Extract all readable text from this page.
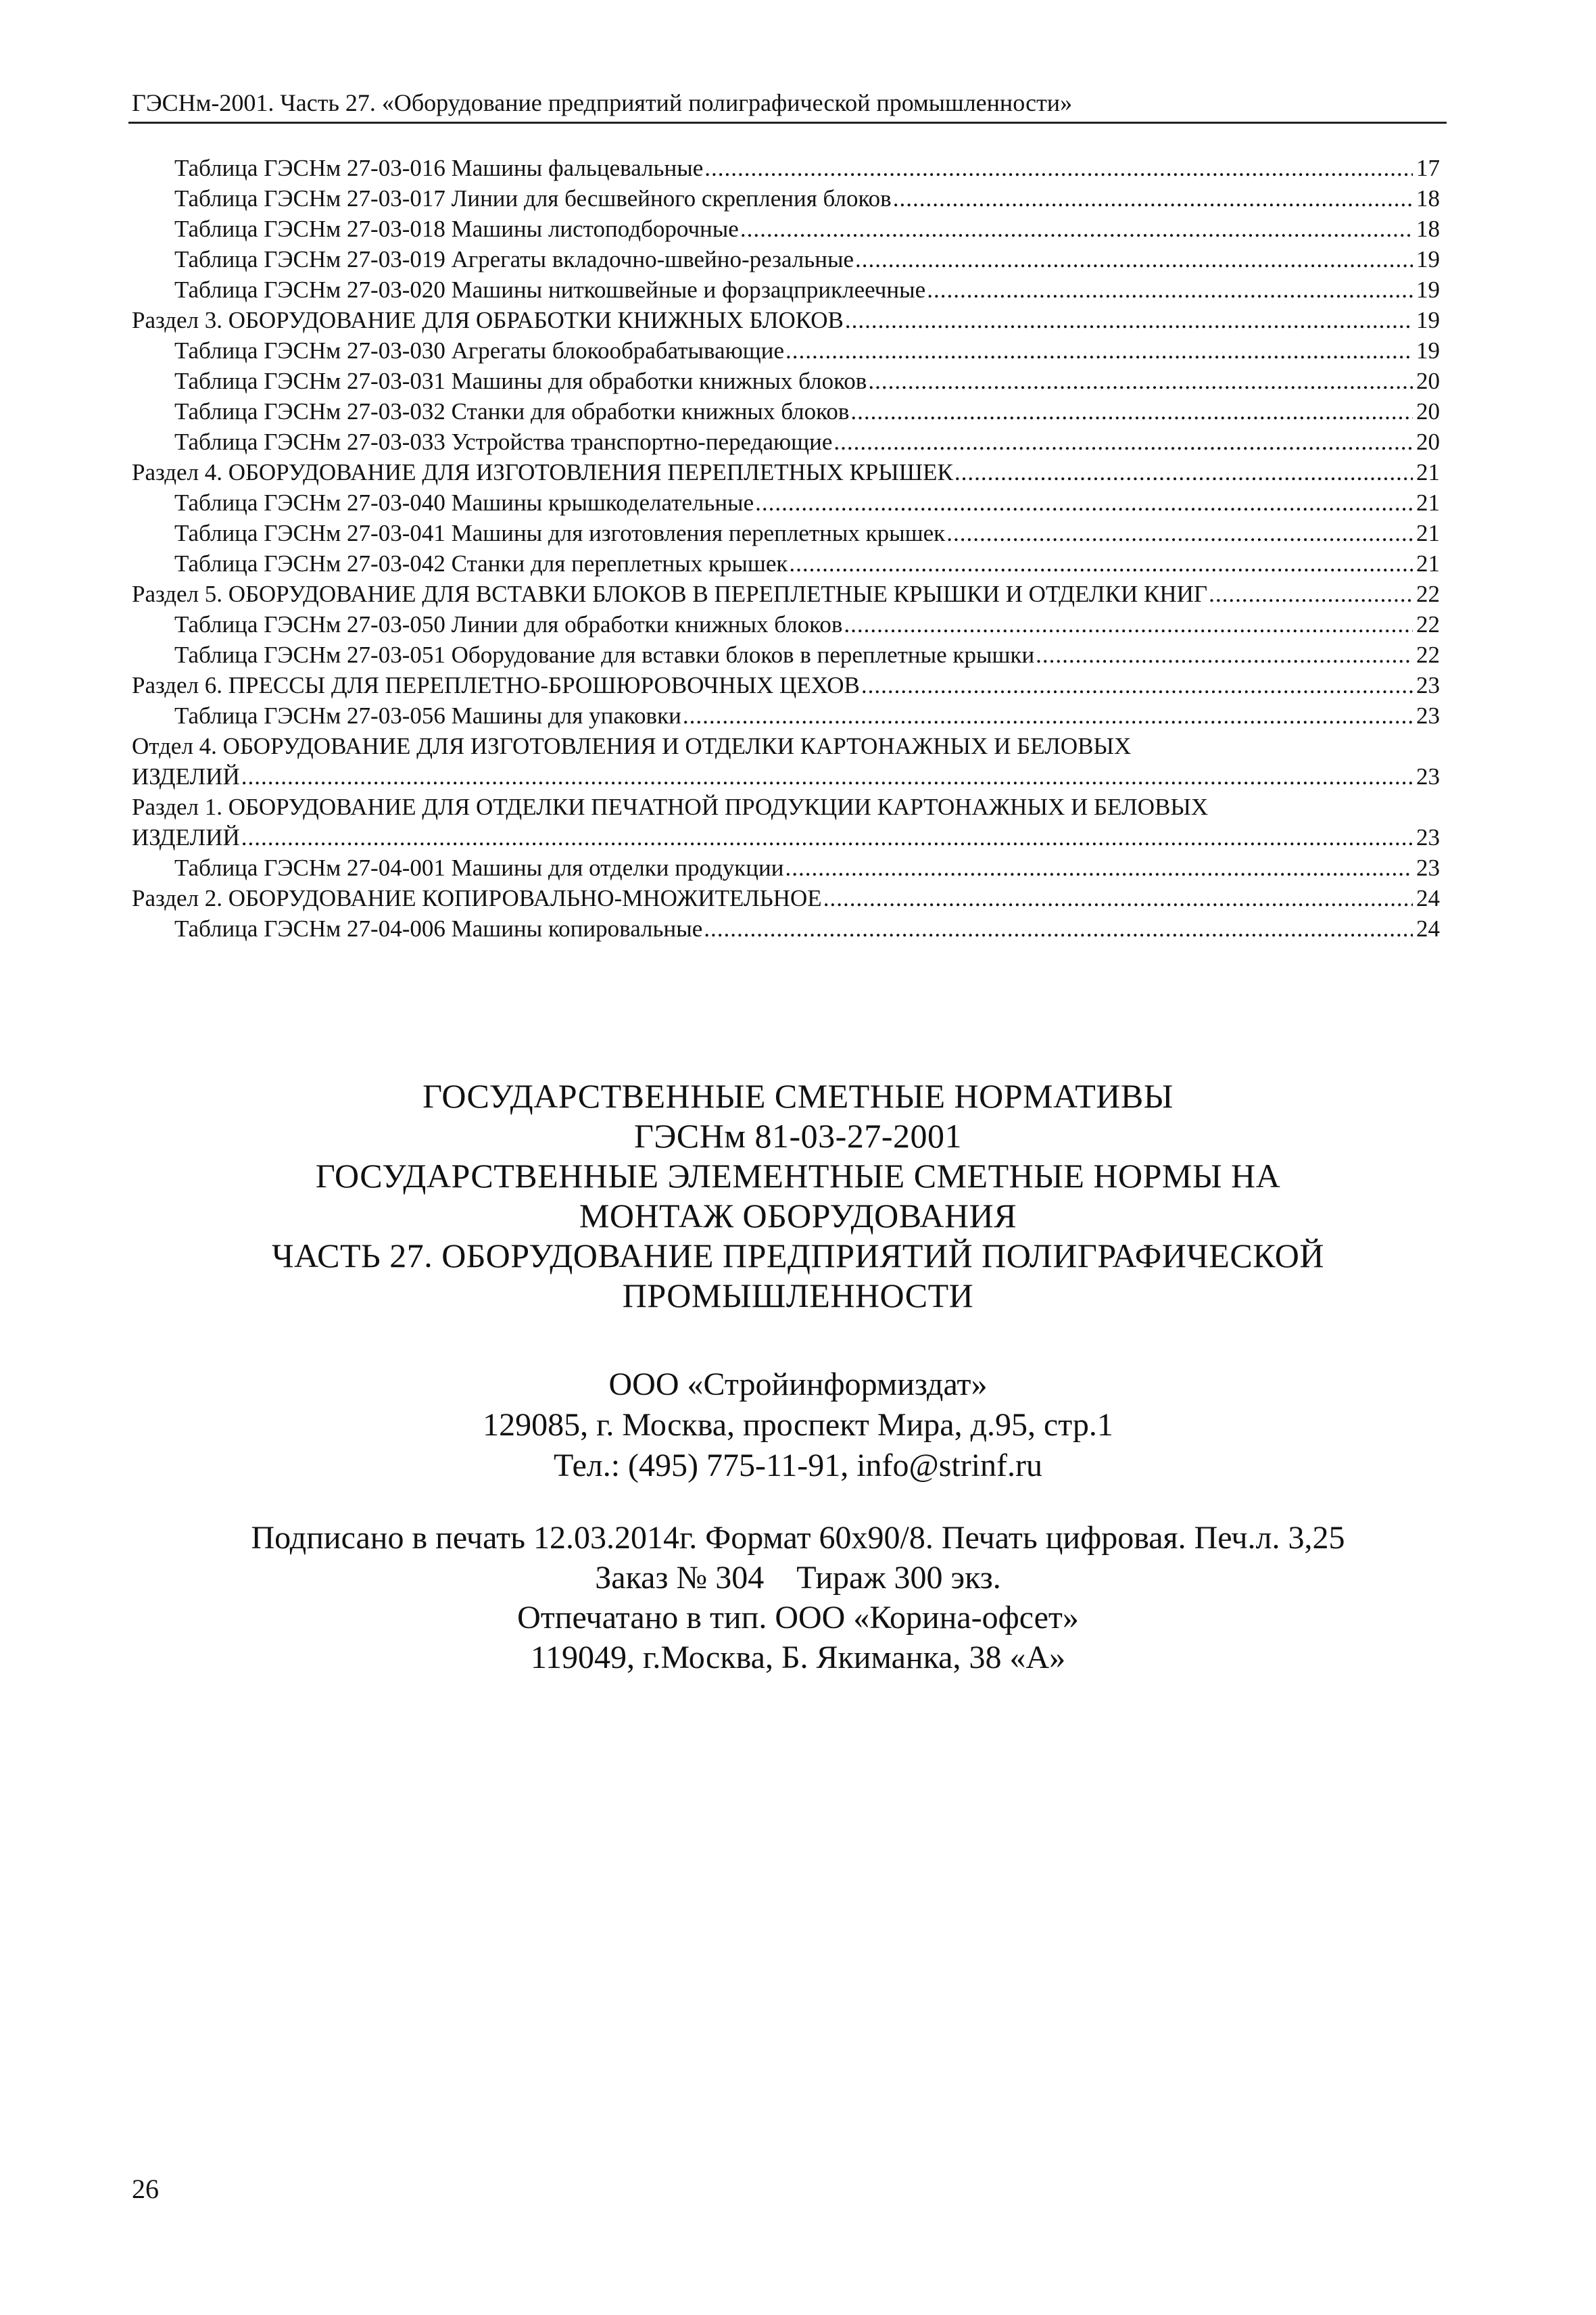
ГЭСНм-2001. Часть 27. «Оборудование предприятий полиграфической промышленности»
Таблица ГЭСНм 27-03-016 Машины фальцевальные .....	17
Таблица ГЭСНм 27-03-017 Линии для бесшвейного скрепления блоков .....	18
Таблица ГЭСНм 27-03-018 Машины листоподборочные .....	18
Таблица ГЭСНм 27-03-019 Агрегаты вкладочно-швейно-резальные .....	19
Таблица ГЭСНм 27-03-020 Машины ниткошвейные и форзацприклеечные .....	19
Раздел 3. ОБОРУДОВАНИЕ ДЛЯ ОБРАБОТКИ КНИЖНЫХ БЛОКОВ .....	19
Таблица ГЭСНм 27-03-030 Агрегаты блокообрабатывающие .....	19
Таблица ГЭСНм 27-03-031 Машины для обработки книжных блоков .....	20
Таблица ГЭСНм 27-03-032 Станки для обработки книжных блоков .....	20
Таблица ГЭСНм 27-03-033 Устройства транспортно-передающие .....	20
Раздел 4. ОБОРУДОВАНИЕ ДЛЯ ИЗГОТОВЛЕНИЯ ПЕРЕПЛЕТНЫХ КРЫШЕК .....	21
Таблица ГЭСНм 27-03-040 Машины крышкоделательные .....	21
Таблица ГЭСНм 27-03-041 Машины для изготовления переплетных крышек .....	21
Таблица ГЭСНм 27-03-042 Станки для переплетных крышек .....	21
Раздел 5. ОБОРУДОВАНИЕ ДЛЯ ВСТАВКИ БЛОКОВ В ПЕРЕПЛЕТНЫЕ КРЫШКИ И ОТДЕЛКИ КНИГ .....	22
Таблица ГЭСНм 27-03-050 Линии для обработки книжных блоков .....	22
Таблица ГЭСНм 27-03-051 Оборудование для вставки блоков в переплетные крышки .....	22
Раздел 6. ПРЕССЫ ДЛЯ ПЕРЕПЛЕТНО-БРОШЮРОВОЧНЫХ ЦЕХОВ .....	23
Таблица ГЭСНм 27-03-056 Машины для упаковки .....	23
Отдел 4. ОБОРУДОВАНИЕ ДЛЯ ИЗГОТОВЛЕНИЯ И ОТДЕЛКИ КАРТОНАЖНЫХ И БЕЛОВЫХ
ИЗДЕЛИЙ .....	23
Раздел 1. ОБОРУДОВАНИЕ ДЛЯ ОТДЕЛКИ ПЕЧАТНОЙ ПРОДУКЦИИ КАРТОНАЖНЫХ И БЕЛОВЫХ
ИЗДЕЛИЙ .....	23
Таблица ГЭСНм 27-04-001 Машины для отделки продукции .....	23
Раздел 2. ОБОРУДОВАНИЕ КОПИРОВАЛЬНО-МНОЖИТЕЛЬНОЕ .....	24
Таблица ГЭСНм 27-04-006 Машины копировальные .....	24
ГОСУДАРСТВЕННЫЕ СМЕТНЫЕ НОРМАТИВЫ
ГЭСНм 81-03-27-2001
ГОСУДАРСТВЕННЫЕ ЭЛЕМЕНТНЫЕ СМЕТНЫЕ НОРМЫ НА
МОНТАЖ ОБОРУДОВАНИЯ
ЧАСТЬ 27. ОБОРУДОВАНИЕ ПРЕДПРИЯТИЙ ПОЛИГРАФИЧЕСКОЙ
ПРОМЫШЛЕННОСТИ
ООО «Стройинформиздат»
129085, г. Москва, проспект Мира, д.95, стр.1
Тел.: (495) 775-11-91, info@strinf.ru
Подписано в печать 12.03.2014г. Формат 60х90/8. Печать цифровая. Печ.л. 3,25
Заказ № 304    Тираж 300 экз.
Отпечатано в тип. ООО «Корина-офсет»
119049, г.Москва, Б. Якиманка, 38 «А»
26
